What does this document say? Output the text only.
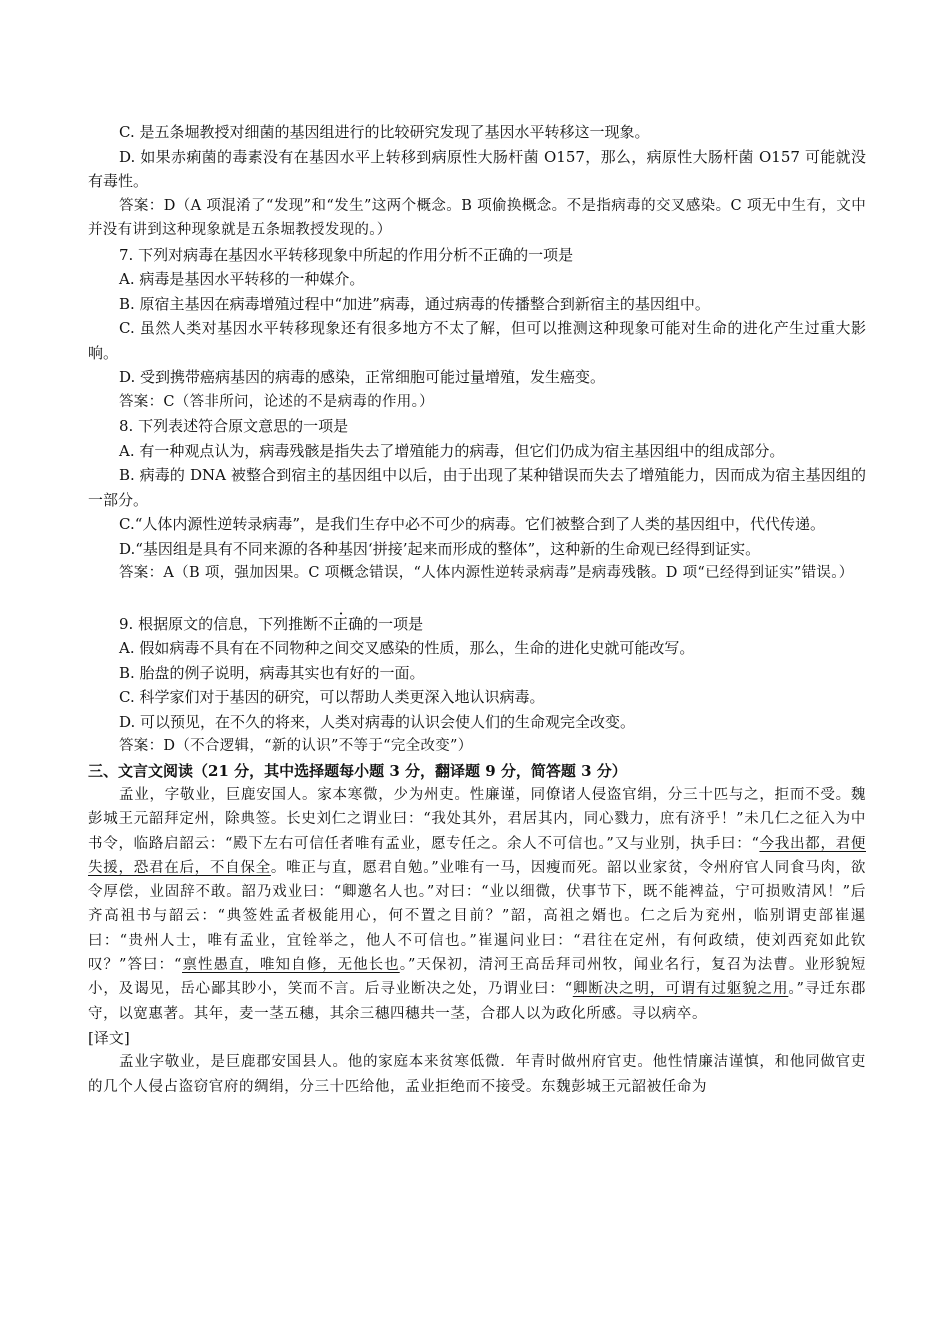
C. 是五条堀教授对细菌的基因组进行的比较研究发现了基因水平转移这一现象。

D. 如果赤痢菌的毒素没有在基因水平上转移到病原性大肠杆菌 O157，那么，病原性大肠杆菌 O157 可能就没有毒性。

答案：D（A 项混淆了“发现”和“发生”这两个概念。B 项偷换概念。不是指病毒的交叉感染。C 项无中生有，文中并没有讲到这种现象就是五条堀教授发现的。）

7. 下列对病毒在基因水平转移现象中所起的作用分析不正确的一项是

A. 病毒是基因水平转移的一种媒介。

B. 原宿主基因在病毒增殖过程中“加进”病毒，通过病毒的传播整合到新宿主的基因组中。

C. 虽然人类对基因水平转移现象还有很多地方不太了解，但可以推测这种现象可能对生命的进化产生过重大影响。

D. 受到携带癌病基因的病毒的感染，正常细胞可能过量增殖，发生癌变。

答案：C（答非所问，论述的不是病毒的作用。）

8. 下列表述符合原文意思的一项是

A. 有一种观点认为，病毒残骸是指失去了增殖能力的病毒，但它们仍成为宿主基因组中的组成部分。

B. 病毒的 DNA 被整合到宿主的基因组中以后，由于出现了某种错误而失去了增殖能力，因而成为宿主基因组的一部分。

C.“人体内源性逆转录病毒”，是我们生存中必不可少的病毒。它们被整合到了人类的基因组中，代代传递。

D.“基因组是具有不同来源的各种基因‘拼接’起来而形成的整体”，这种新的生命观已经得到证实。

答案：A（B 项，强加因果。C 项概念错误，“人体内源性逆转录病毒”是病毒残骸。D 项“已经得到证实”错误。）

9. 根据原文的信息，下列推断不正确的一项是

A. 假如病毒不具有在不同物种之间交叉感染的性质，那么，生命的进化史就可能改写。

B. 胎盘的例子说明，病毒其实也有好的一面。

C. 科学家们对于基因的研究，可以帮助人类更深入地认识病毒。

D. 可以预见，在不久的将来，人类对病毒的认识会使人们的生命观完全改变。

答案：D（不合逻辑，“新的认识”不等于“完全改变”）

三、文言文阅读（21 分，其中选择题每小题 3 分，翻译题 9 分，简答题 3 分）

孟业，字敬业，巨鹿安国人。家本寒微，少为州吏。性廉谨，同僚诸人侵盗官绢，分三十匹与之，拒而不受。魏彭城王元韶拜定州，除典签。长史刘仁之谓业曰：“我处其外，君居其内，同心戮力，庶有济乎！”未几仁之征入为中书令，临路启韶云：“殿下左右可信任者唯有孟业，愿专任之。余人不可信也。”又与业别，执手曰：“今我出都，君便失援，恐君在后，不自保全。唯正与直，愿君自勉。”业唯有一马，因瘦而死。韶以业家贫，令州府官人同食马肉，欲令厚偿，业固辞不敢。韶乃戏业曰：“卿邀名人也。”对曰：“业以细微，伏事节下，既不能裨益，宁可损败清风！”后齐高祖书与韶云：“典签姓孟者极能用心，何不置之目前？”韶，高祖之婿也。仁之后为兖州，临别谓吏部崔暹曰：“贵州人士，唯有孟业，宜铨举之，他人不可信也。”崔暹问业曰：“君往在定州，有何政绩，使刘西兖如此钦叹？”答曰：“禀性愚直，唯知自修，无他长也。”天保初，清河王高岳拜司州牧，闻业名行，复召为法曹。业形貌短小，及谒见，岳心鄙其眇小，笑而不言。后寻业断决之处，乃谓业曰：“卿断决之明，可谓有过躯貌之用。”寻迁东郡守，以宽惠著。其年，麦一茎五穗，其余三穗四穗共一茎，合郡人以为政化所感。寻以病卒。

[译文]

孟业字敬业，是巨鹿郡安国县人。他的家庭本来贫寒低微．年青时做州府官吏。他性情廉洁谨慎，和他同做官吏的几个人侵占盗窃官府的绸绢，分三十匹给他，孟业拒绝而不接受。东魏彭城王元韶被任命为
